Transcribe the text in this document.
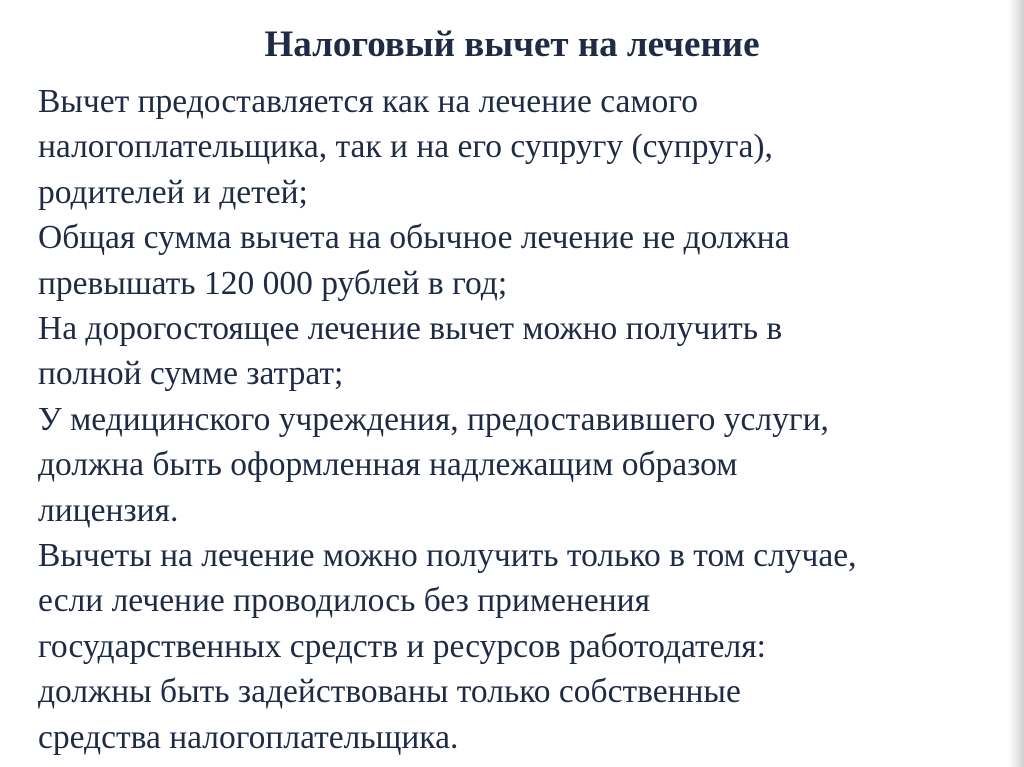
Налоговый вычет на лечение
Вычет предоставляется как на лечение самого
налогоплательщика, так и на его супругу (супруга),
родителей и детей;
Общая сумма вычета на обычное лечение не должна
превышать 120 000 рублей в год;
На дорогостоящее лечение вычет можно получить в
полной сумме затрат;
У медицинского учреждения, предоставившего услуги,
должна быть оформленная надлежащим образом
лицензия.
Вычеты на лечение можно получить только в том случае,
если лечение проводилось без применения
государственных средств и ресурсов работодателя:
должны быть задействованы только собственные
средства налогоплательщика.
